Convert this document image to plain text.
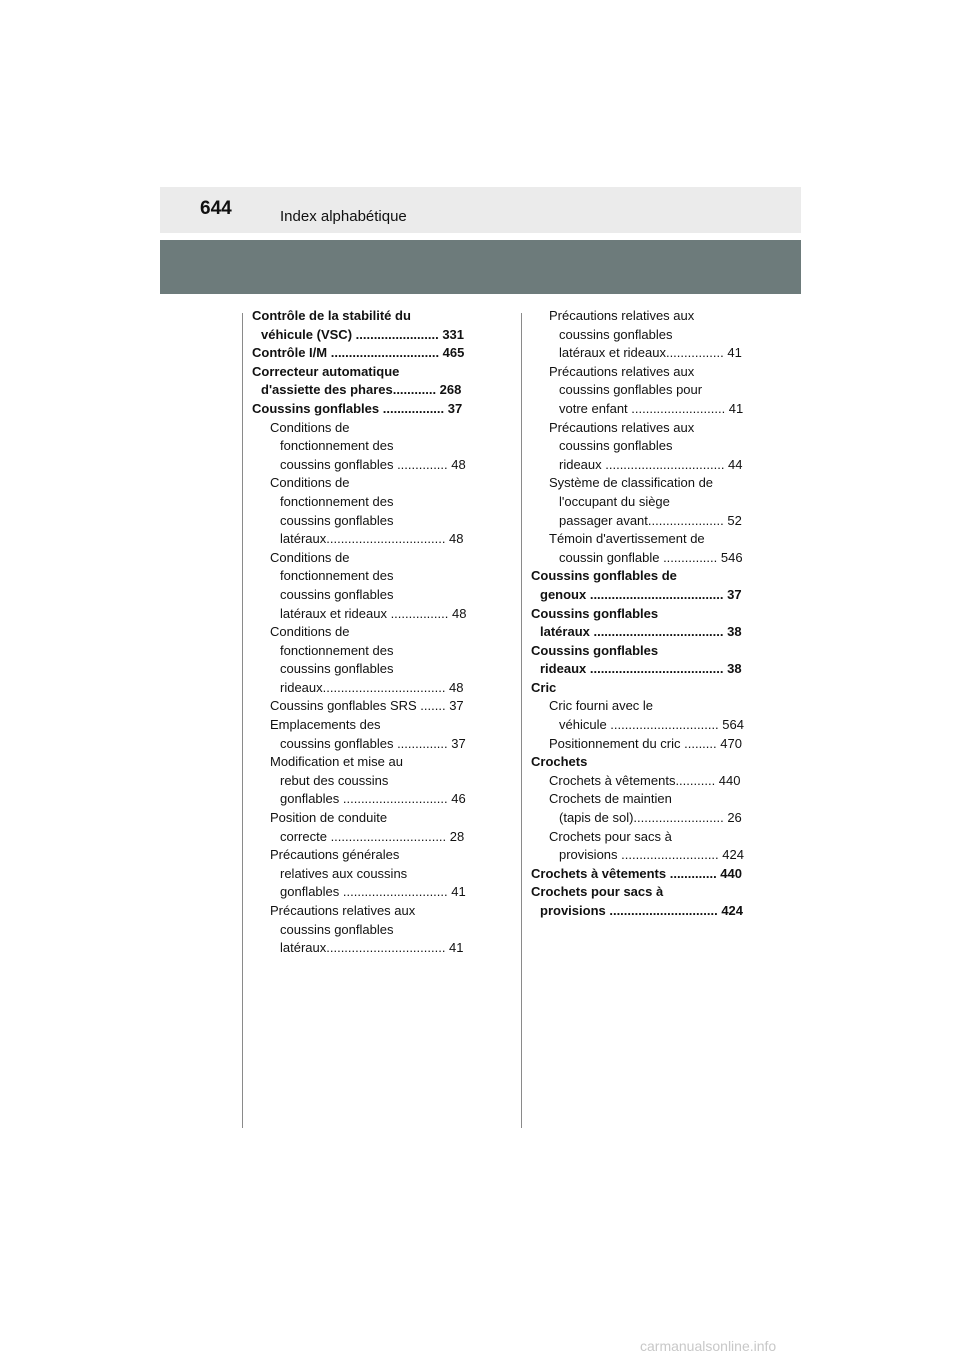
644	Index alphabétique
Contrôle de la stabilité du
véhicule (VSC) ....................... 331
Contrôle I/M .............................. 465
Correcteur automatique
d'assiette des phares............ 268
Coussins gonflables ................. 37
Conditions de
fonctionnement des
coussins gonflables .............. 48
Conditions de
fonctionnement des
coussins gonflables
latéraux................................. 48
Conditions de
fonctionnement des
coussins gonflables
latéraux et rideaux ................ 48
Conditions de
fonctionnement des
coussins gonflables
rideaux.................................. 48
Coussins gonflables SRS ....... 37
Emplacements des
coussins gonflables .............. 37
Modification et mise au
rebut des coussins
gonflables ............................. 46
Position de conduite
correcte ................................ 28
Précautions générales
relatives aux coussins
gonflables ............................. 41
Précautions relatives aux
coussins gonflables
latéraux................................. 41
Précautions relatives aux
coussins gonflables
latéraux et rideaux................ 41
Précautions relatives aux
coussins gonflables pour
votre enfant .......................... 41
Précautions relatives aux
coussins gonflables
rideaux ................................. 44
Système de classification de
l'occupant du siège
passager avant..................... 52
Témoin d'avertissement de
coussin gonflable ............... 546
Coussins gonflables de
genoux ..................................... 37
Coussins gonflables
latéraux .................................... 38
Coussins gonflables
rideaux ..................................... 38
Cric
Cric fourni avec le
véhicule .............................. 564
Positionnement du cric ......... 470
Crochets
Crochets à vêtements........... 440
Crochets de maintien
(tapis de sol)......................... 26
Crochets pour sacs à
provisions ........................... 424
Crochets à vêtements ............. 440
Crochets pour sacs à
provisions .............................. 424
carmanualsonline.info
